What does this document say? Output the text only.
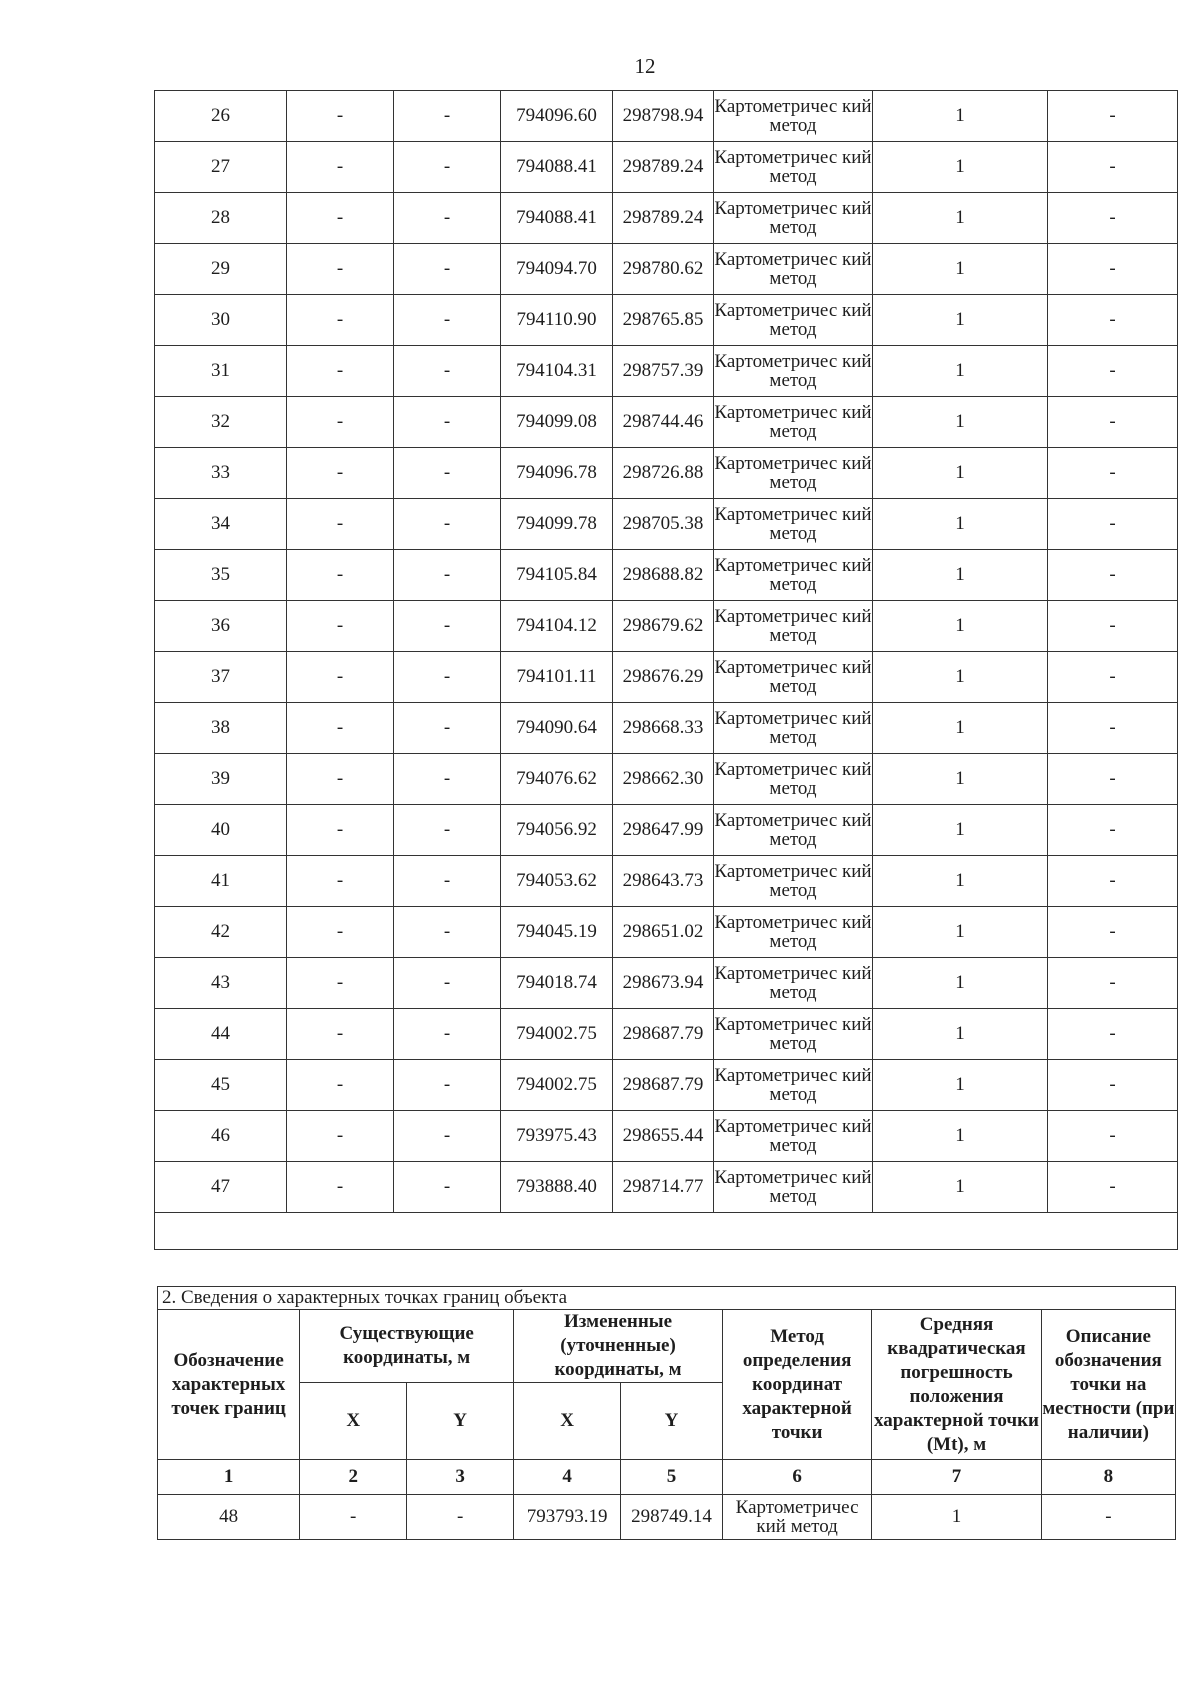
12
26	-	-	794096.60	298798.94	Картометричес кий метод	1	-
27	-	-	794088.41	298789.24	Картометричес кий метод	1	-
28	-	-	794088.41	298789.24	Картометричес кий метод	1	-
29	-	-	794094.70	298780.62	Картометричес кий метод	1	-
30	-	-	794110.90	298765.85	Картометричес кий метод	1	-
31	-	-	794104.31	298757.39	Картометричес кий метод	1	-
32	-	-	794099.08	298744.46	Картометричес кий метод	1	-
33	-	-	794096.78	298726.88	Картометричес кий метод	1	-
34	-	-	794099.78	298705.38	Картометричес кий метод	1	-
35	-	-	794105.84	298688.82	Картометричес кий метод	1	-
36	-	-	794104.12	298679.62	Картометричес кий метод	1	-
37	-	-	794101.11	298676.29	Картометричес кий метод	1	-
38	-	-	794090.64	298668.33	Картометричес кий метод	1	-
39	-	-	794076.62	298662.30	Картометричес кий метод	1	-
40	-	-	794056.92	298647.99	Картометричес кий метод	1	-
41	-	-	794053.62	298643.73	Картометричес кий метод	1	-
42	-	-	794045.19	298651.02	Картометричес кий метод	1	-
43	-	-	794018.74	298673.94	Картометричес кий метод	1	-
44	-	-	794002.75	298687.79	Картометричес кий метод	1	-
45	-	-	794002.75	298687.79	Картометричес кий метод	1	-
46	-	-	793975.43	298655.44	Картометричес кий метод	1	-
47	-	-	793888.40	298714.77	Картометричес кий метод	1	-

2. Сведения о характерных точках границ объекта							
Обозначение характерных точек границ	Существующие координаты, м		Измененные (уточненные) координаты, м		Метод определения координат характерной точки	Средняя квадратическая погрешность положения характерной точки (Mt), м	Описание обозначения точки на местности (при наличии)
	X	Y	X	Y			
1	2	3	4	5	6	7	8
48	-	-	793793.19	298749.14	Картометричес кий метод	1	-
